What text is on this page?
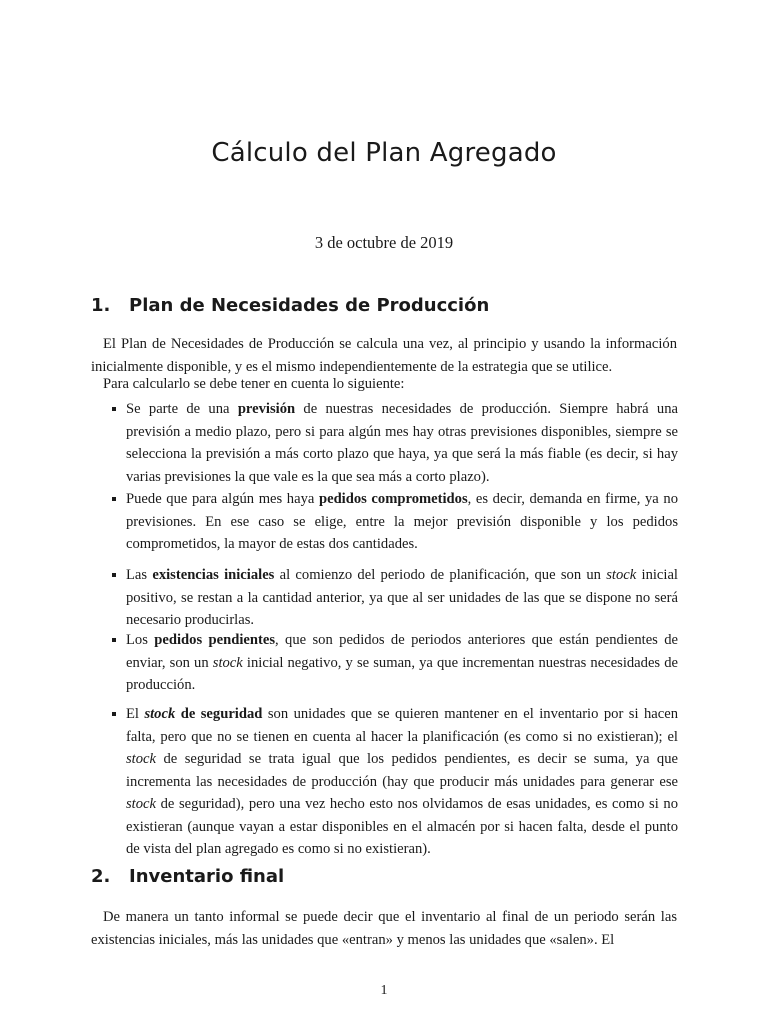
Cálculo del Plan Agregado
3 de octubre de 2019
1. Plan de Necesidades de Producción

El Plan de Necesidades de Producción se calcula una vez, al principio y usando la información inicialmente disponible, y es el mismo independientemente de la estrategia que se utilice.

Para calcularlo se debe tener en cuenta lo siguiente:

Se parte de una previsión de nuestras necesidades de producción. Siempre habrá una previsión a medio plazo, pero si para algún mes hay otras previsiones disponibles, siempre se selecciona la previsión a más corto plazo que haya, ya que será la más fiable (es decir, si hay varias previsiones la que vale es la que sea más a corto plazo).
Puede que para algún mes haya pedidos comprometidos, es decir, demanda en firme, ya no previsiones. En ese caso se elige, entre la mejor previsión disponible y los pedidos comprometidos, la mayor de estas dos cantidades.
Las existencias iniciales al comienzo del periodo de planificación, que son un stock inicial positivo, se restan a la cantidad anterior, ya que al ser unidades de las que se dispone no será necesario producirlas.
Los pedidos pendientes, que son pedidos de periodos anteriores que están pendientes de enviar, son un stock inicial negativo, y se suman, ya que incrementan nuestras necesidades de producción.
El stock de seguridad son unidades que se quieren mantener en el inventario por si hacen falta, pero que no se tienen en cuenta al hacer la planificación (es como si no existieran); el stock de seguridad se trata igual que los pedidos pendientes, es decir se suma, ya que incrementa las necesidades de producción (hay que producir más unidades para generar ese stock de seguridad), pero una vez hecho esto nos olvidamos de esas unidades, es como si no existieran (aunque vayan a estar disponibles en el almacén por si hacen falta, desde el punto de vista del plan agregado es como si no existieran).
2. Inventario final

De manera un tanto informal se puede decir que el inventario al final de un periodo serán las existencias iniciales, más las unidades que «entran» y menos las unidades que «salen». El

1
